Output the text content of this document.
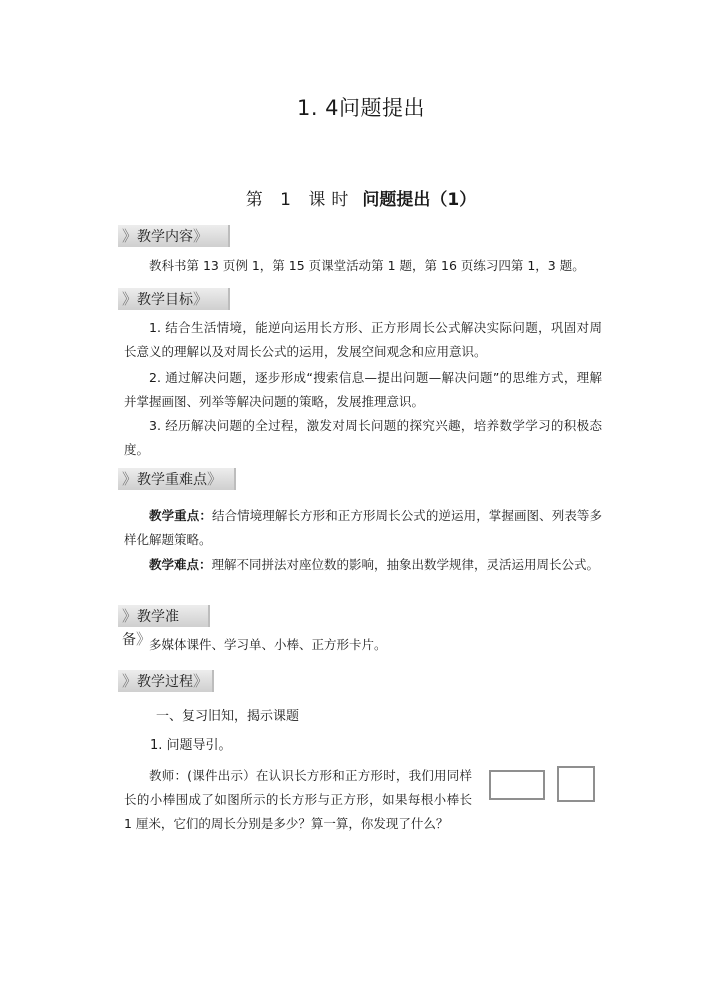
1. 4问题提出
第 1 课时 问题提出（1）
》教学内容》
教科书第 13 页例 1，第 15 页课堂活动第 1 题，第 16 页练习四第 1，3 题。
》教学目标》
1. 结合生活情境，能逆向运用长方形、正方形周长公式解决实际问题，巩固对周长意义的理解以及对周长公式的运用，发展空间观念和应用意识。
2. 通过解决问题，逐步形成“搜索信息—提出问题—解决问题”的思维方式，理解并掌握画图、列举等解决问题的策略，发展推理意识。
3. 经历解决问题的全过程，激发对周长问题的探究兴趣，培养数学学习的积极态度。
》教学重难点》
教学重点：结合情境理解长方形和正方形周长公式的逆运用，掌握画图、列表等多样化解题策略。
教学难点：理解不同拼法对座位数的影响，抽象出数学规律，灵活运用周长公式。
》教学准备》
多媒体课件、学习单、小棒、正方形卡片。
》教学过程》
一、复习旧知，揭示课题
1. 问题导引。
教师：(课件出示）在认识长方形和正方形时，我们用同样长的小棒围成了如图所示的长方形与正方形，如果每根小棒长 1 厘米，它们的周长分别是多少？算一算，你发现了什么？
